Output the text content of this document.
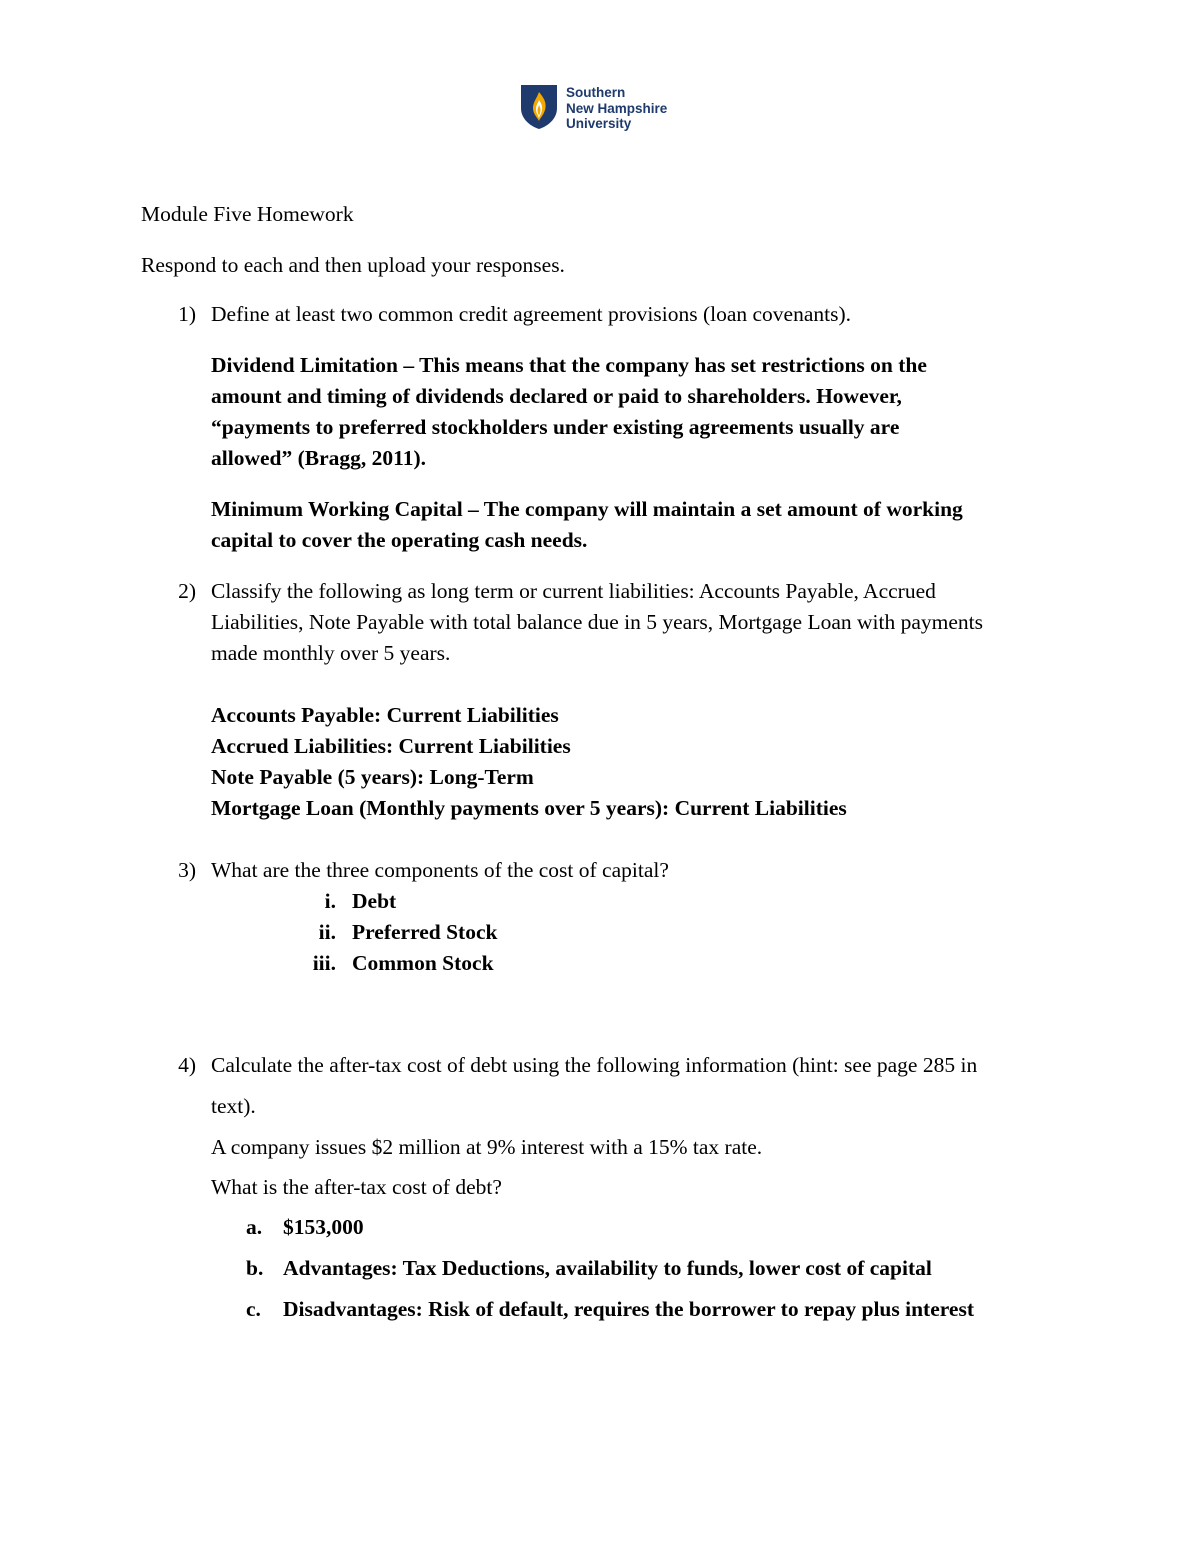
Southern
New Hampshire
University
Module Five Homework
Respond to each and then upload your responses.
1) Define at least two common credit agreement provisions (loan covenants).
Dividend Limitation – This means that the company has set restrictions on the
amount and timing of dividends declared or paid to shareholders. However,
“payments to preferred stockholders under existing agreements usually are
allowed” (Bragg, 2011).
Minimum Working Capital – The company will maintain a set amount of working
capital to cover the operating cash needs.
2) Classify the following as long term or current liabilities: Accounts Payable, Accrued
Liabilities, Note Payable with total balance due in 5 years, Mortgage Loan with payments
made monthly over 5 years.
Accounts Payable: Current Liabilities
Accrued Liabilities: Current Liabilities
Note Payable (5 years): Long-Term
Mortgage Loan (Monthly payments over 5 years): Current Liabilities
3) What are the three components of the cost of capital?
i. Debt
ii. Preferred Stock
iii. Common Stock
4) Calculate the after-tax cost of debt using the following information (hint: see page 285 in
text).
A company issues $2 million at 9% interest with a 15% tax rate.
What is the after-tax cost of debt?
a. $153,000
b. Advantages: Tax Deductions, availability to funds, lower cost of capital
c. Disadvantages: Risk of default, requires the borrower to repay plus interest
